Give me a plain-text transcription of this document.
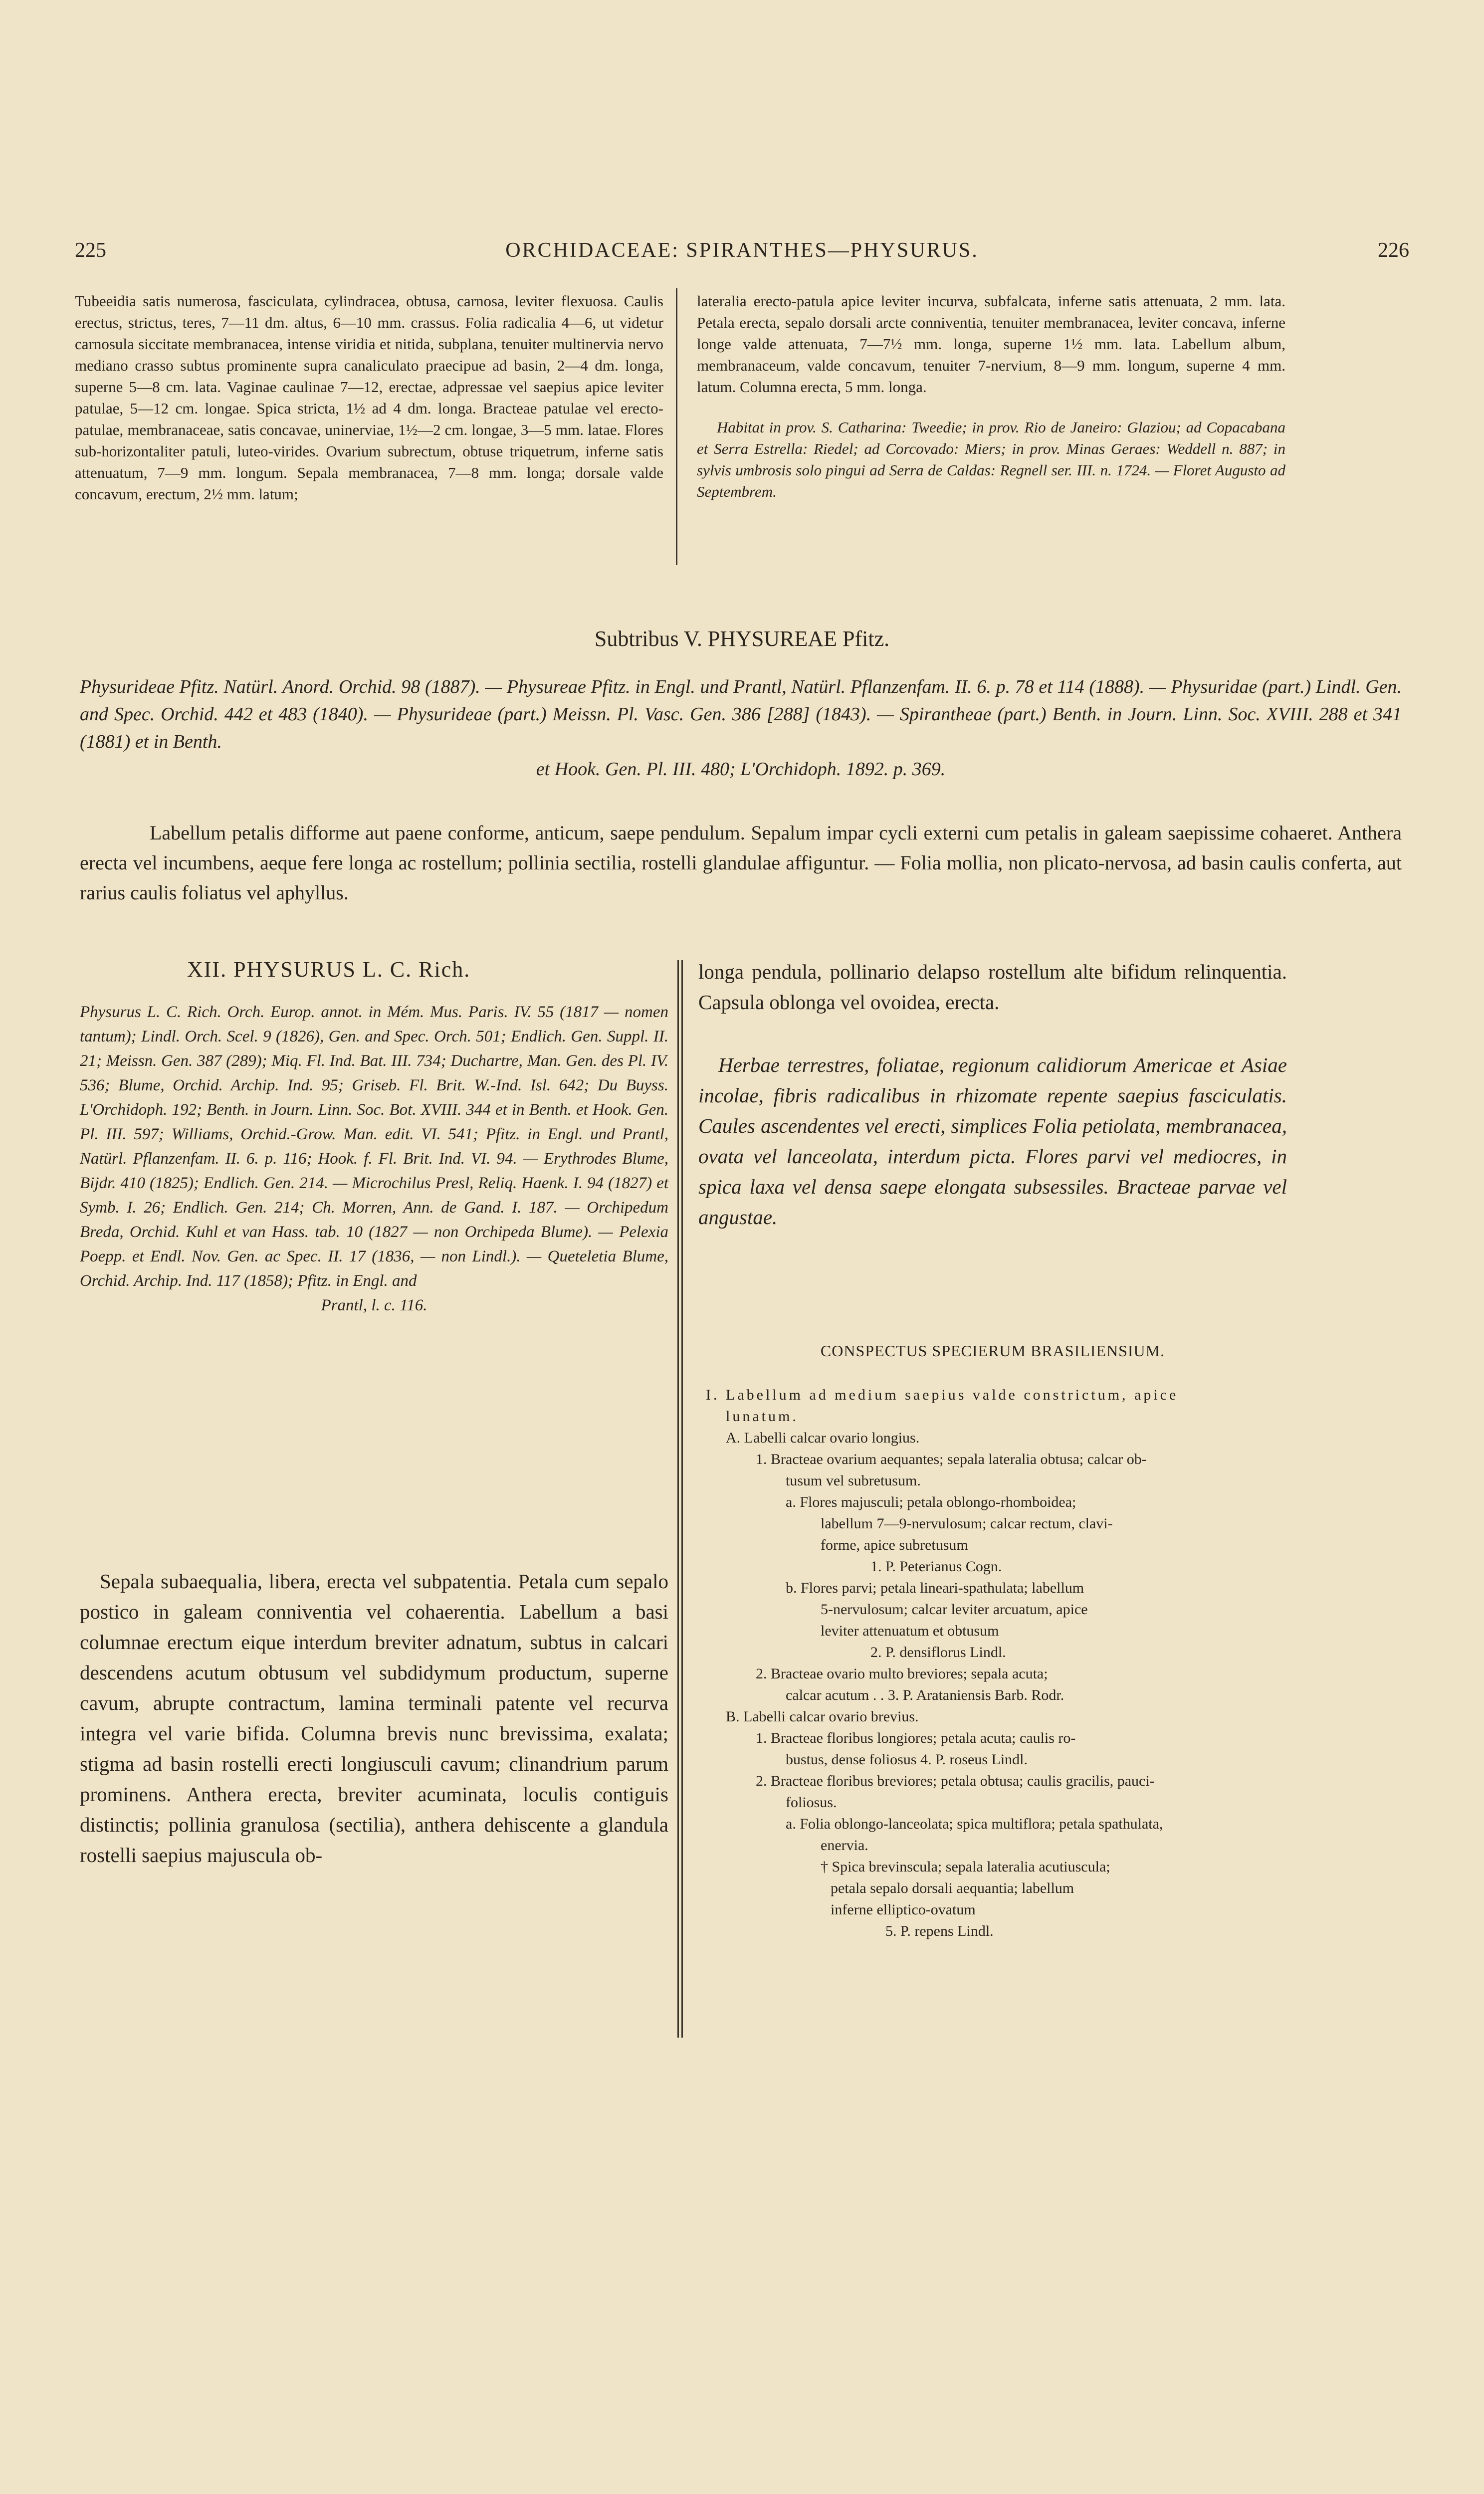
225	ORCHIDACEAE: SPIRANTHES—PHYSURUS.	226

Tubeeidia satis numerosa, fasciculata, cylindracea, obtusa, carnosa, leviter flexuosa. Caulis erectus, strictus, teres, 7—11 dm. altus, 6—10 mm. crassus. Folia radicalia 4—6, ut videtur carnosula siccitate membranacea, intense viridia et nitida, subplana, tenuiter multinervia nervo mediano crasso subtus prominente supra canaliculato praecipue ad basin, 2—4 dm. longa, superne 5—8 cm. lata. Vaginae caulinae 7—12, erectae, adpressae vel saepius apice leviter patulae, 5—12 cm. longae. Spica stricta, 1½ ad 4 dm. longa. Bracteae patulae vel erecto-patulae, membranaceae, satis concavae, uninerviae, 1½—2 cm. longae, 3—5 mm. latae. Flores sub-horizontaliter patuli, luteo-virides. Ovarium subrectum, obtuse triquetrum, inferne satis attenuatum, 7—9 mm. longum. Sepala membranacea, 7—8 mm. longa; dorsale valde concavum, erectum, 2½ mm. latum;

lateralia erecto-patula apice leviter incurva, subfalcata, inferne satis attenuata, 2 mm. lata. Petala erecta, sepalo dorsali arcte conniventia, tenuiter membranacea, leviter concava, inferne longe valde attenuata, 7—7½ mm. longa, superne 1½ mm. lata. Labellum album, membranaceum, valde concavum, tenuiter 7-nervium, 8—9 mm. longum, superne 4 mm. latum. Columna erecta, 5 mm. longa.

Habitat in prov. S. Catharina: Tweedie; in prov. Rio de Janeiro: Glaziou; ad Copacabana et Serra Estrella: Riedel; ad Corcovado: Miers; in prov. Minas Geraes: Weddell n. 887; in sylvis umbrosis solo pingui ad Serra de Caldas: Regnell ser. III. n. 1724. — Floret Augusto ad Septembrem.

Subtribus V. PHYSUREAE Pfitz.
Physurideae Pfitz. Natürl. Anord. Orchid. 98 (1887). — Physureae Pfitz. in Engl. und Prantl, Natürl. Pflanzenfam. II. 6. p. 78 et 114 (1888). — Physuridae (part.) Lindl. Gen. and Spec. Orchid. 442 et 483 (1840). — Physurideae (part.) Meissn. Pl. Vasc. Gen. 386 [288] (1843). — Spirantheae (part.) Benth. in Journ. Linn. Soc. XVIII. 288 et 341 (1881) et in Benth.
et Hook. Gen. Pl. III. 480; L'Orchidoph. 1892. p. 369.
Labellum petalis difforme aut paene conforme, anticum, saepe pendulum. Sepalum impar cycli externi cum petalis in galeam saepissime cohaeret. Anthera erecta vel incumbens, aeque fere longa ac rostellum; pollinia sectilia, rostelli glandulae affiguntur. — Folia mollia, non plicato-nervosa, ad basin caulis conferta, aut rarius caulis foliatus vel aphyllus.
XII. PHYSURUS L. C. Rich.
Physurus L. C. Rich. Orch. Europ. annot. in Mém. Mus. Paris. IV. 55 (1817 — nomen tantum); Lindl. Orch. Scel. 9 (1826), Gen. and Spec. Orch. 501; Endlich. Gen. Suppl. II. 21; Meissn. Gen. 387 (289); Miq. Fl. Ind. Bat. III. 734; Duchartre, Man. Gen. des Pl. IV. 536; Blume, Orchid. Archip. Ind. 95; Griseb. Fl. Brit. W.-Ind. Isl. 642; Du Buyss. L'Orchidoph. 192; Benth. in Journ. Linn. Soc. Bot. XVIII. 344 et in Benth. et Hook. Gen. Pl. III. 597; Williams, Orchid.-Grow. Man. edit. VI. 541; Pfitz. in Engl. und Prantl, Natürl. Pflanzenfam. II. 6. p. 116; Hook. f. Fl. Brit. Ind. VI. 94. — Erythrodes Blume, Bijdr. 410 (1825); Endlich. Gen. 214. — Microchilus Presl, Reliq. Haenk. I. 94 (1827) et Symb. I. 26; Endlich. Gen. 214; Ch. Morren, Ann. de Gand. I. 187. — Orchipedum Breda, Orchid. Kuhl et van Hass. tab. 10 (1827 — non Orchipeda Blume). — Pelexia Poepp. et Endl. Nov. Gen. ac Spec. II. 17 (1836, — non Lindl.). — Queteletia Blume, Orchid. Archip. Ind. 117 (1858); Pfitz. in Engl. and
Prantl, l. c. 116.
Sepala subaequalia, libera, erecta vel subpatentia. Petala cum sepalo postico in galeam conniventia vel cohaerentia. Labellum a basi columnae erectum eique interdum breviter adnatum, subtus in calcari descendens acutum obtusum vel subdidymum productum, superne cavum, abrupte contractum, lamina terminali patente vel recurva integra vel varie bifida. Columna brevis nunc brevissima, exalata; stigma ad basin rostelli erecti longiusculi cavum; clinandrium parum prominens. Anthera erecta, breviter acuminata, loculis contiguis distinctis; pollinia granulosa (sectilia), anthera dehiscente a glandula rostelli saepius majuscula ob-
longa pendula, pollinario delapso rostellum alte bifidum relinquentia. Capsula oblonga vel ovoidea, erecta.
Herbae terrestres, foliatae, regionum calidiorum Americae et Asiae incolae, fibris radicalibus in rhizomate repente saepius fasciculatis. Caules ascendentes vel erecti, simplices Folia petiolata, membranacea, ovata vel lanceolata, interdum picta. Flores parvi vel mediocres, in spica laxa vel densa saepe elongata subsessiles. Bracteae parvae vel angustae.
CONSPECTUS SPECIERUM BRASILIENSIUM.
I. Labellum ad medium saepius valde constrictum, apice
lunatum.
A. Labelli calcar ovario longius.
1. Bracteae ovarium aequantes; sepala lateralia obtusa; calcar ob-
tusum vel subretusum.
a. Flores majusculi; petala oblongo-rhomboidea;
labellum 7—9-nervulosum; calcar rectum, clavi-
forme, apice subretusum
1. P. Peterianus Cogn.
b. Flores parvi; petala lineari-spathulata; labellum
5-nervulosum; calcar leviter arcuatum, apice
leviter attenuatum et obtusum
2. P. densiflorus Lindl.
2. Bracteae ovario multo breviores; sepala acuta;
calcar acutum . . 3. P. Arataniensis Barb. Rodr.
B. Labelli calcar ovario brevius.
1. Bracteae floribus longiores; petala acuta; caulis ro-
bustus, dense foliosus 4. P. roseus Lindl.
2. Bracteae floribus breviores; petala obtusa; caulis gracilis, pauci-
foliosus.
a. Folia oblongo-lanceolata; spica multiflora; petala spathulata,
enervia.
† Spica brevinscula; sepala lateralia acutiuscula;
petala sepalo dorsali aequantia; labellum
inferne elliptico-ovatum
5. P. repens Lindl.
